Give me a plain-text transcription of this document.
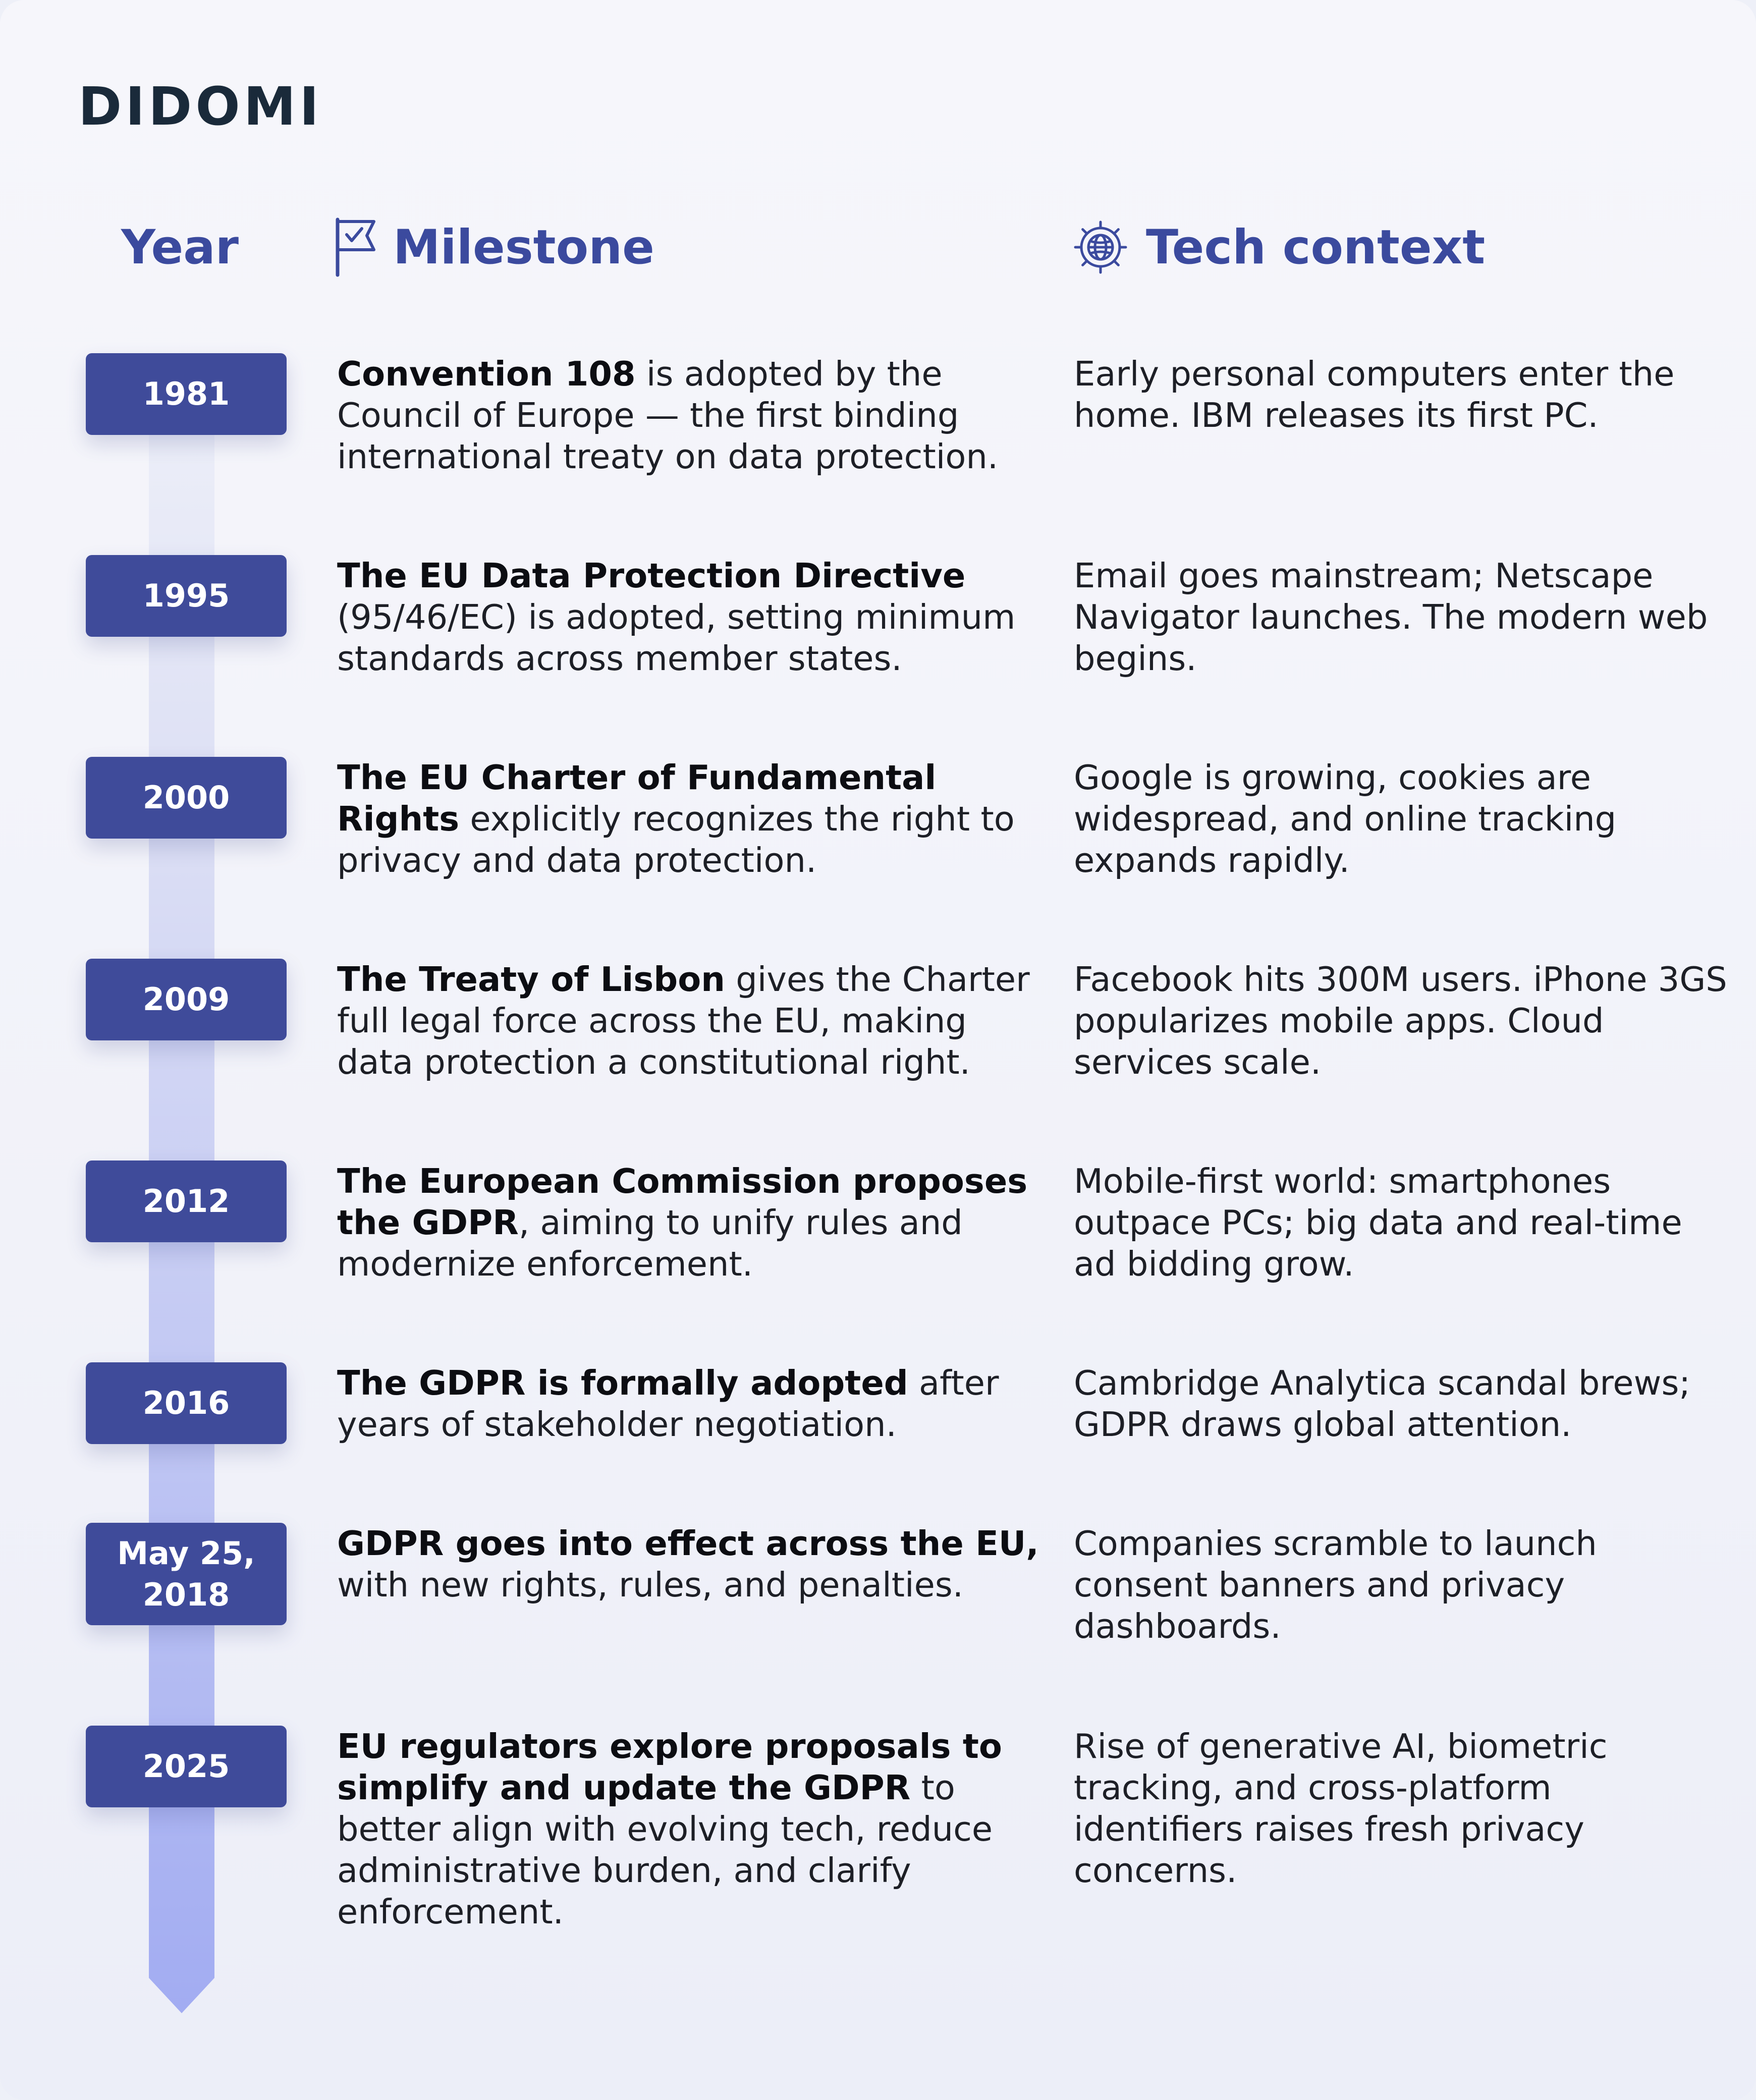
DIDOMI
Year	Milestone	Tech context
1981

Convention 108 is adopted by the Council of Europe — the first binding international treaty on data protection.

Early personal computers enter the home. IBM releases its first PC.

1995

The EU Data Protection Directive (95/46/EC) is adopted, setting minimum standards across member states.

Email goes mainstream; Netscape Navigator launches. The modern web begins.

2000

The EU Charter of Fundamental Rights explicitly recognizes the right to privacy and data protection.

Google is growing, cookies are widespread, and online tracking expands rapidly.

2009

The Treaty of Lisbon gives the Charter full legal force across the EU, making data protection a constitutional right.

Facebook hits 300M users. iPhone 3GS popularizes mobile apps. Cloud services scale.

2012

The European Commission proposes the GDPR, aiming to unify rules and modernize enforcement.

Mobile-first world: smartphones outpace PCs; big data and real-time ad bidding grow.

2016

The GDPR is formally adopted after years of stakeholder negotiation.

Cambridge Analytica scandal brews; GDPR draws global attention.

May 25, 2018

GDPR goes into effect across the EU, with new rights, rules, and penalties.

Companies scramble to launch consent banners and privacy dashboards.

2025

EU regulators explore proposals to simplify and update the GDPR to better align with evolving tech, reduce administrative burden, and clarify enforcement.

Rise of generative AI, biometric tracking, and cross-platform identifiers raises fresh privacy concerns.
